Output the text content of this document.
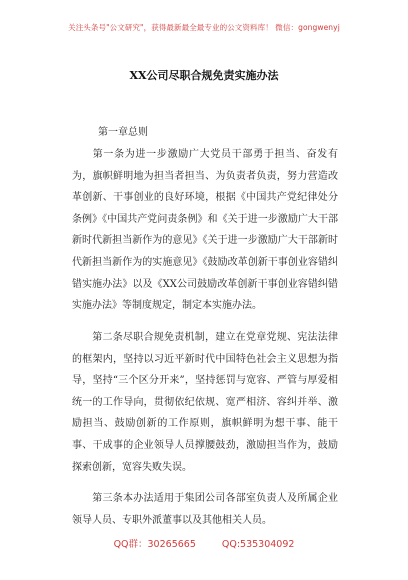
关注头条号"公文研究"，获得最新最全最专业的公文资料库！ 微信：gongwenyj
XX公司尽职合规免责实施办法
第一章总则
第一条为进一步激励广大党员干部勇于担当、奋发有为，旗帜鲜明地为担当者担当、为负责者负责，努力营造改革创新、干事创业的良好环境，根据《中国共产党纪律处分条例》《中国共产党问责条例》和《关于进一步激励广大干部新时代新担当新作为的意见》《关于进一步激励广大干部新时代新担当新作为的实施意见》《鼓励改革创新干事创业容错纠错实施办法》以及《XX公司鼓励改革创新干事创业容错纠错实施办法》等制度规定，制定本实施办法。
第二条尽职合规免责机制，建立在党章党规、宪法法律的框架内，坚持以习近平新时代中国特色社会主义思想为指导，坚持“三个区分开来”，坚持惩罚与宽容、严管与厚爱相统一的工作导向，贯彻依纪依规、宽严相济、容纠并举、激励担当、鼓励创新的工作原则，旗帜鲜明为想干事、能干事、干成事的企业领导人员撑腰鼓劲，激励担当作为，鼓励探索创新，宽容失败失误。
第三条本办法适用于集团公司各部室负责人及所属企业领导人员、专职外派董事以及其他相关人员。
QQ群：30265665	QQ:535304092
